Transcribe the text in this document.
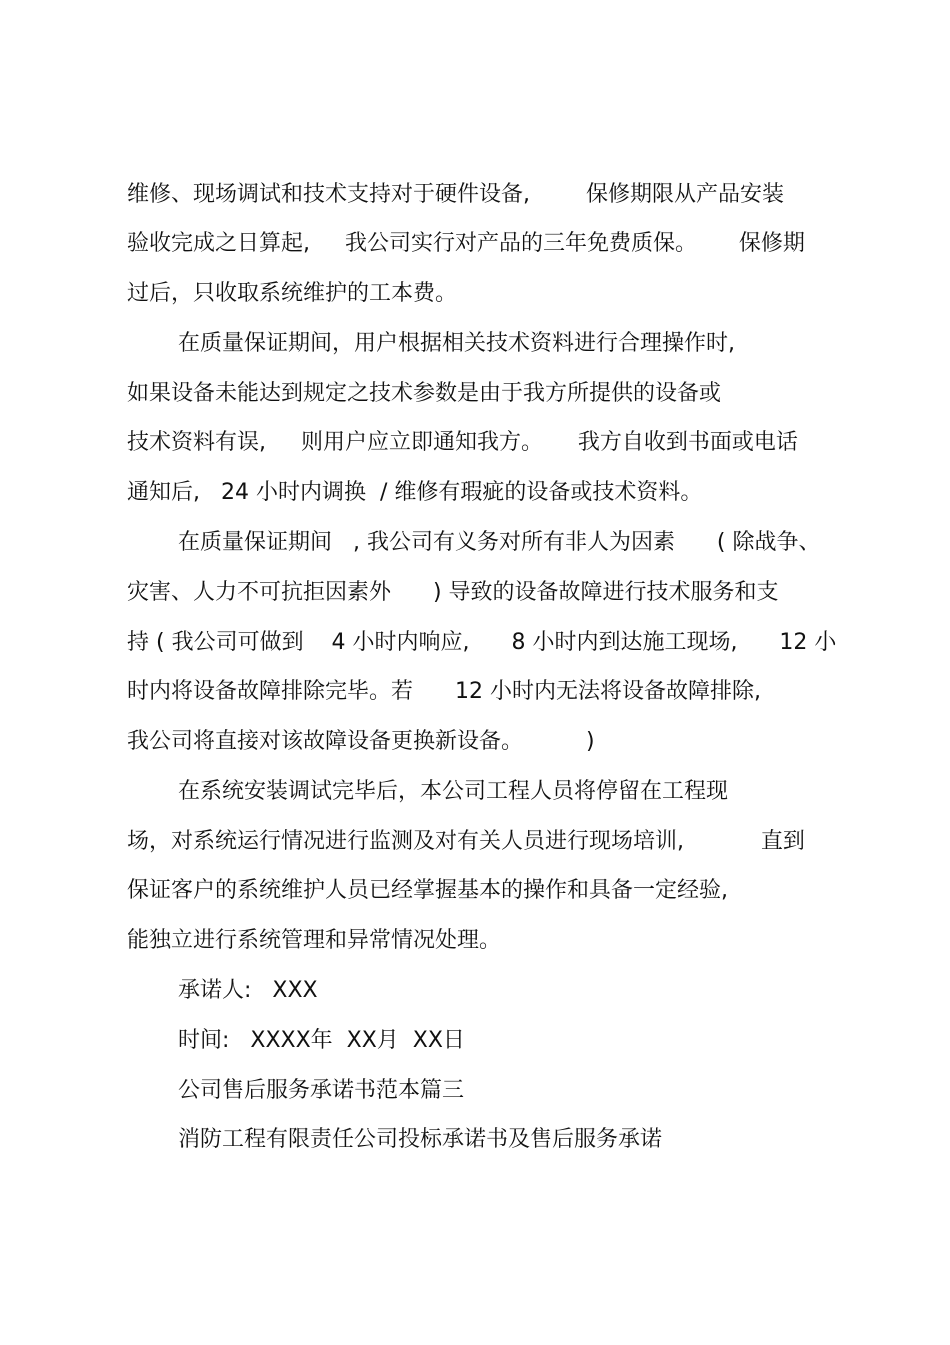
维修、现场调试和技术支持对于硬件设备,        保修期限从产品安装
验收完成之日算起,     我公司实行对产品的三年免费质保。      保修期
过后，只收取系统维护的工本费。
在质量保证期间，用户根据相关技术资料进行合理操作时,
如果设备未能达到规定之技术参数是由于我方所提供的设备或
技术资料有误,     则用户应立即通知我方。     我方自收到书面或电话
通知后,   24 小时内调换  / 维修有瑕疵的设备或技术资料。
在质量保证期间   , 我公司有义务对所有非人为因素      ( 除战争、
灾害、人力不可抗拒因素外      ) 导致的设备故障进行技术服务和支
持 ( 我公司可做到    4 小时内响应,      8 小时内到达施工现场,      12 小
时内将设备故障排除完毕。若      12 小时内无法将设备故障排除,
我公司将直接对该故障设备更换新设备。         )
在系统安装调试完毕后，本公司工程人员将停留在工程现
场，对系统运行情况进行监测及对有关人员进行现场培训,           直到
保证客户的系统维护人员已经掌握基本的操作和具备一定经验,
能独立进行系统管理和异常情况处理。
承诺人:   XXX
时间:   XXXX年  XX月  XX日
公司售后服务承诺书范本篇三
消防工程有限责任公司投标承诺书及售后服务承诺
